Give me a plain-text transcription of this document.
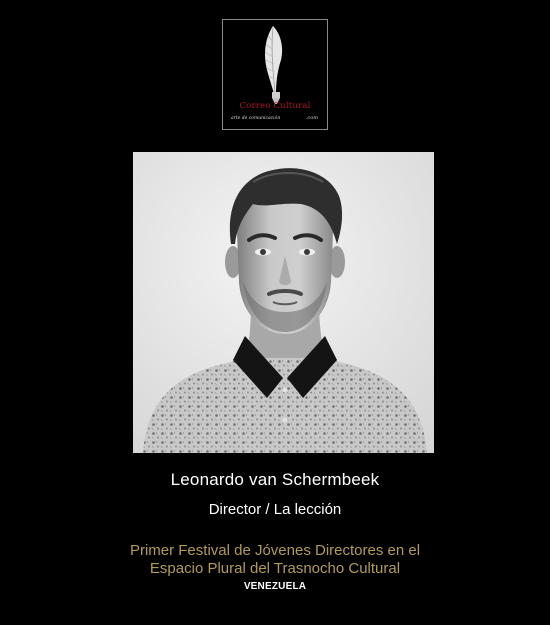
Correo Cultural
arte de comunicación	.com
Leonardo van Schermbeek
Director / La lección
Primer Festival de Jóvenes Directores en el
Espacio Plural del Trasnocho Cultural
VENEZUELA
